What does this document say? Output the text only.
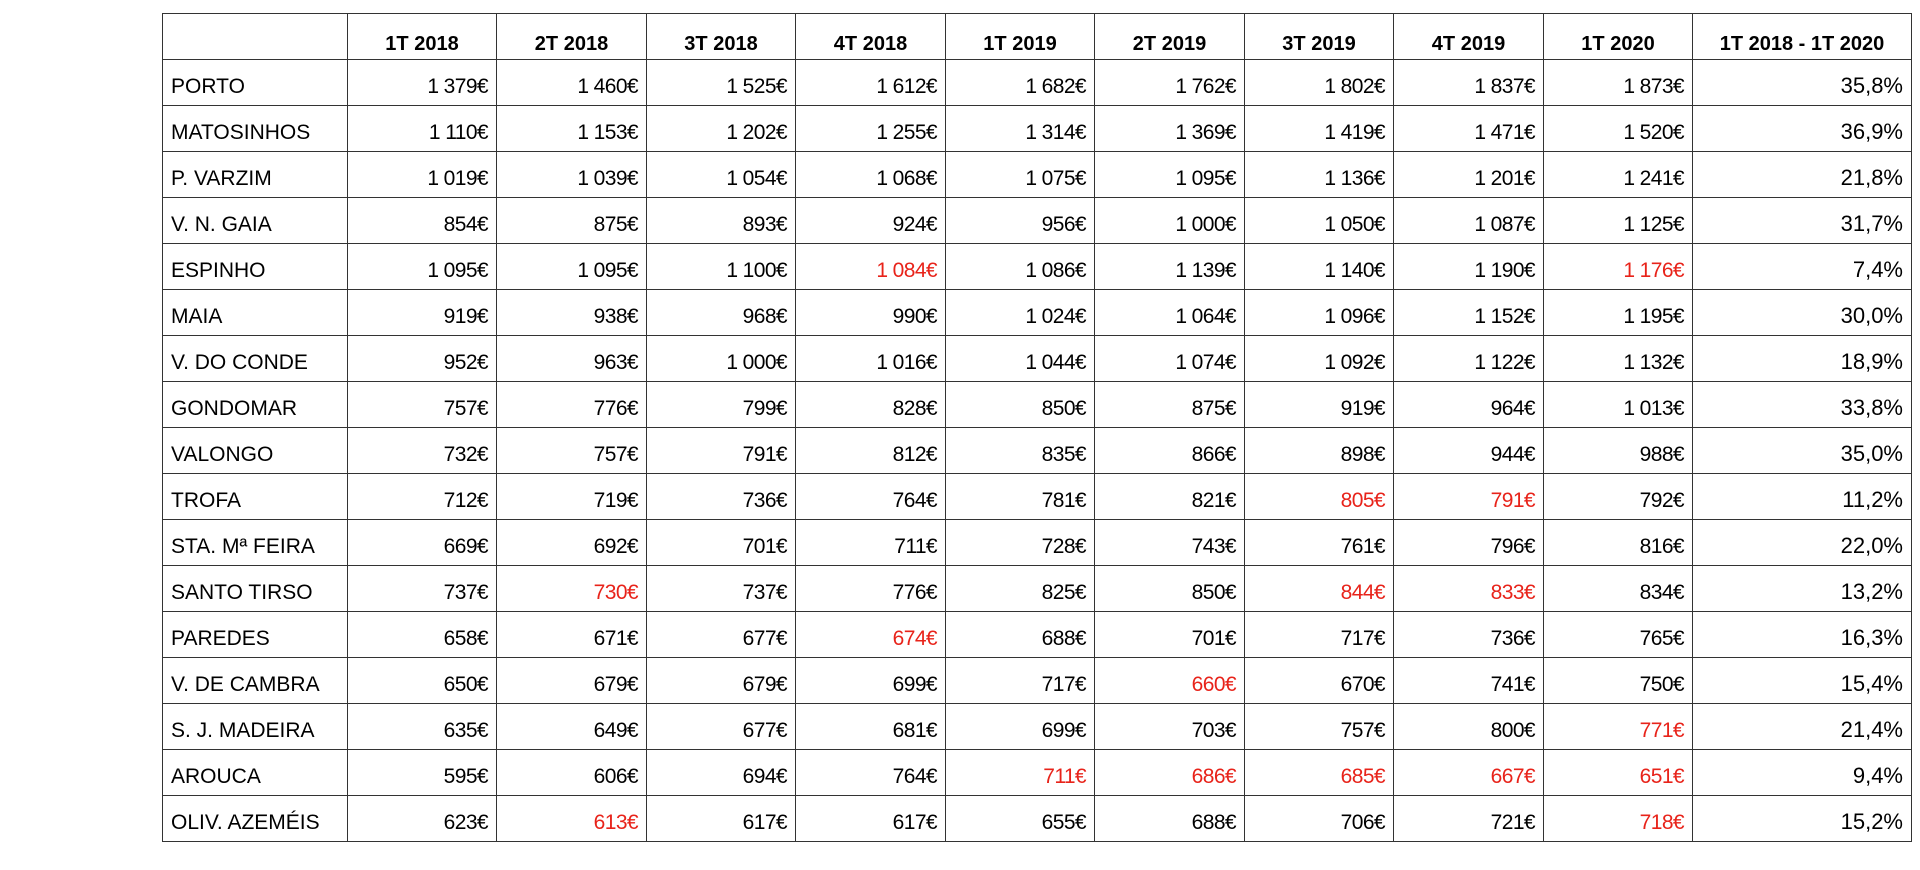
	1T 2018	2T 2018	3T 2018	4T 2018	1T 2019	2T 2019	3T 2019	4T 2019	1T 2020	1T 2018 - 1T 2020
PORTO	1 379€	1 460€	1 525€	1 612€	1 682€	1 762€	1 802€	1 837€	1 873€	35,8%
MATOSINHOS	1 110€	1 153€	1 202€	1 255€	1 314€	1 369€	1 419€	1 471€	1 520€	36,9%
P. VARZIM	1 019€	1 039€	1 054€	1 068€	1 075€	1 095€	1 136€	1 201€	1 241€	21,8%
V. N. GAIA	854€	875€	893€	924€	956€	1 000€	1 050€	1 087€	1 125€	31,7%
ESPINHO	1 095€	1 095€	1 100€	1 084€	1 086€	1 139€	1 140€	1 190€	1 176€	7,4%
MAIA	919€	938€	968€	990€	1 024€	1 064€	1 096€	1 152€	1 195€	30,0%
V. DO CONDE	952€	963€	1 000€	1 016€	1 044€	1 074€	1 092€	1 122€	1 132€	18,9%
GONDOMAR	757€	776€	799€	828€	850€	875€	919€	964€	1 013€	33,8%
VALONGO	732€	757€	791€	812€	835€	866€	898€	944€	988€	35,0%
TROFA	712€	719€	736€	764€	781€	821€	805€	791€	792€	11,2%
STA. Mª FEIRA	669€	692€	701€	711€	728€	743€	761€	796€	816€	22,0%
SANTO TIRSO	737€	730€	737€	776€	825€	850€	844€	833€	834€	13,2%
PAREDES	658€	671€	677€	674€	688€	701€	717€	736€	765€	16,3%
V. DE CAMBRA	650€	679€	679€	699€	717€	660€	670€	741€	750€	15,4%
S. J. MADEIRA	635€	649€	677€	681€	699€	703€	757€	800€	771€	21,4%
AROUCA	595€	606€	694€	764€	711€	686€	685€	667€	651€	9,4%
OLIV. AZEMÉIS	623€	613€	617€	617€	655€	688€	706€	721€	718€	15,2%
